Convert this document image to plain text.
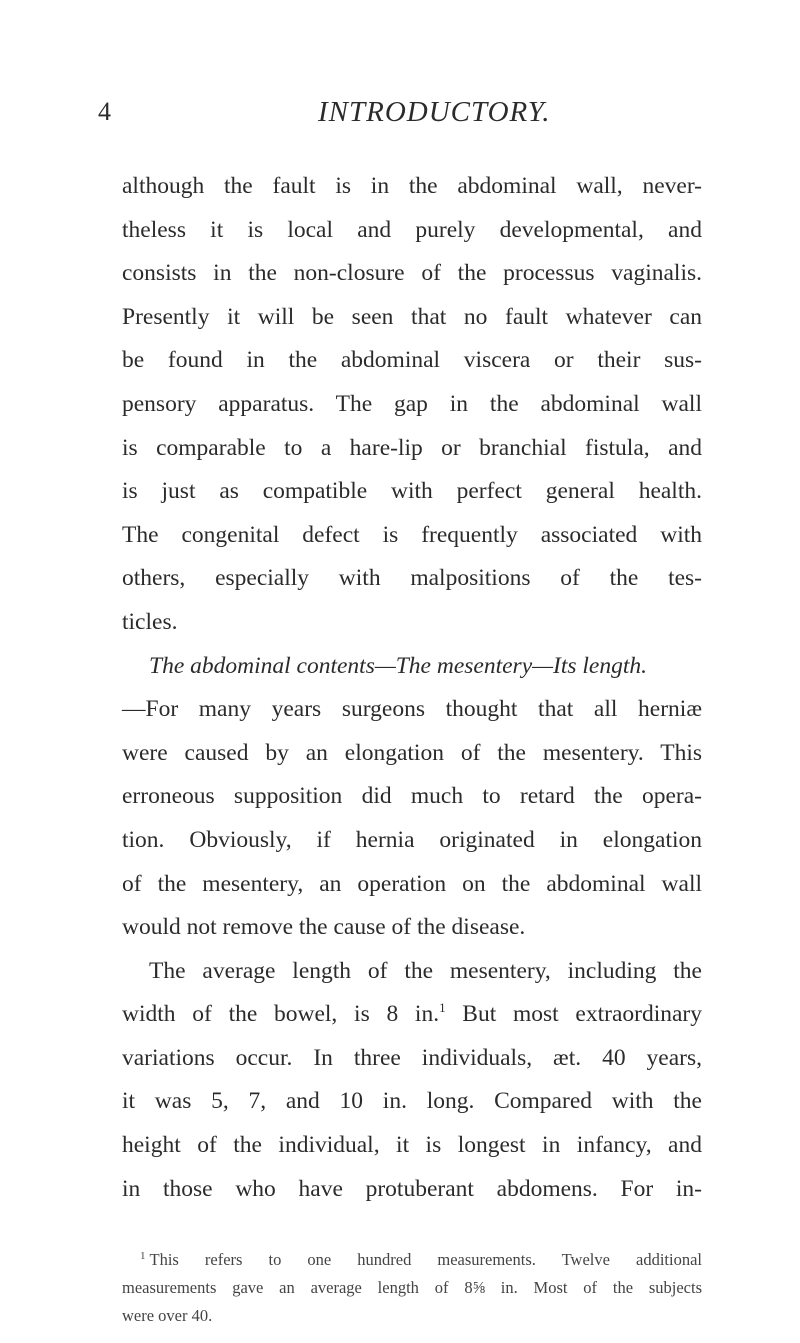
4	INTRODUCTORY.
although the fault is in the abdominal wall, never-
theless it is local and purely developmental, and
consists in the non-closure of the processus vaginalis.
Presently it will be seen that no fault whatever can
be found in the abdominal viscera or their sus-
pensory apparatus. The gap in the abdominal wall
is comparable to a hare-lip or branchial fistula, and
is just as compatible with perfect general health.
The congenital defect is frequently associated with
others, especially with malpositions of the tes-
ticles.
The abdominal contents—The mesentery—Its length.
—For many years surgeons thought that all herniæ
were caused by an elongation of the mesentery. This
erroneous supposition did much to retard the opera-
tion. Obviously, if hernia originated in elongation
of the mesentery, an operation on the abdominal wall
would not remove the cause of the disease.
The average length of the mesentery, including the
width of the bowel, is 8 in.$^1$ But most extraordinary
variations occur. In three individuals, æt. 40 years,
it was 5, 7, and 10 in. long. Compared with the
height of the individual, it is longest in infancy, and
in those who have protuberant abdomens. For in-
$^1$ This refers to one hundred measurements. Twelve additional
measurements gave an average length of 8⅝ in. Most of the subjects
were over 40.
